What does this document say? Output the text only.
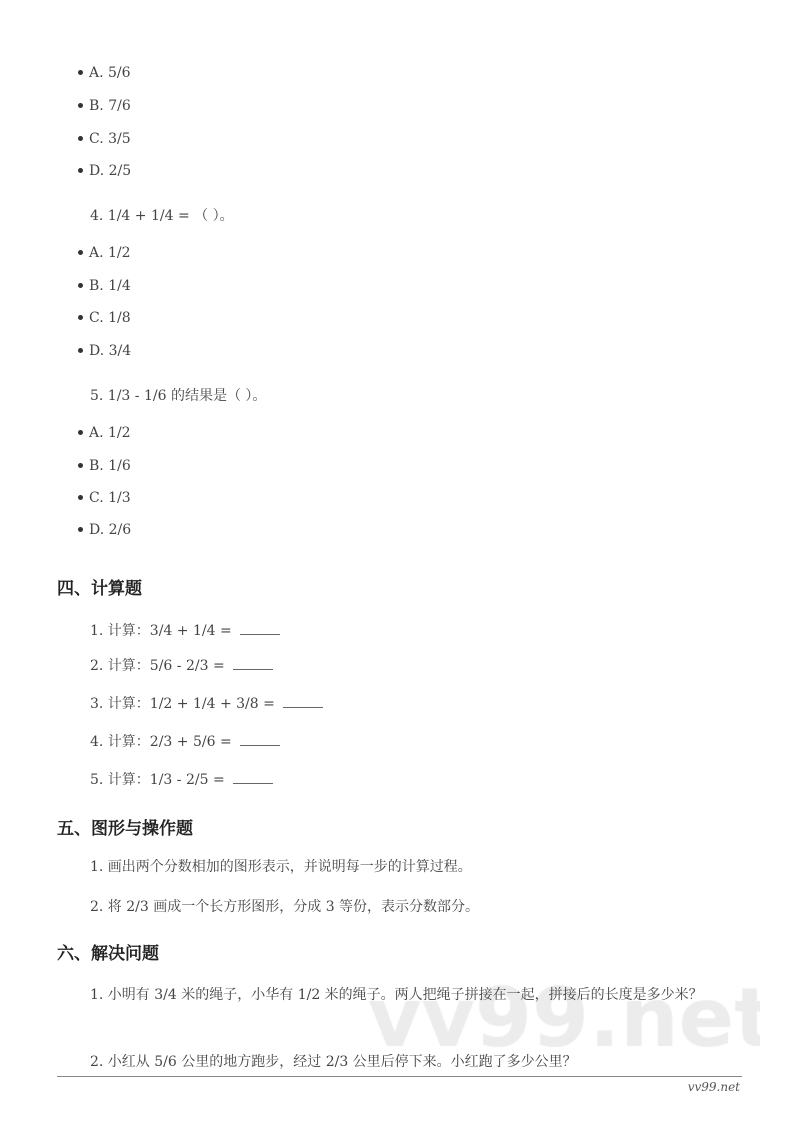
A. 5/6
B. 7/6
C. 3/5
D. 2/5
4. 1/4 + 1/4 = （ ）。
A. 1/2
B. 1/4
C. 1/8
D. 3/4
5. 1/3 - 1/6 的结果是（ ）。
A. 1/2
B. 1/6
C. 1/3
D. 2/6
四、计算题
1. 计算：3/4 + 1/4 =
2. 计算：5/6 - 2/3 =
3. 计算：1/2 + 1/4 + 3/8 =
4. 计算：2/3 + 5/6 =
5. 计算：1/3 - 2/5 =
五、图形与操作题
1. 画出两个分数相加的图形表示，并说明每一步的计算过程。
2. 将 2/3 画成一个长方形图形，分成 3 等份，表示分数部分。
六、解决问题
1. 小明有 3/4 米的绳子，小华有 1/2 米的绳子。两人把绳子拼接在一起，拼接后的长度是多少米？
2. 小红从 5/6 公里的地方跑步，经过 2/3 公里后停下来。小红跑了多少公里？
vv99.net
